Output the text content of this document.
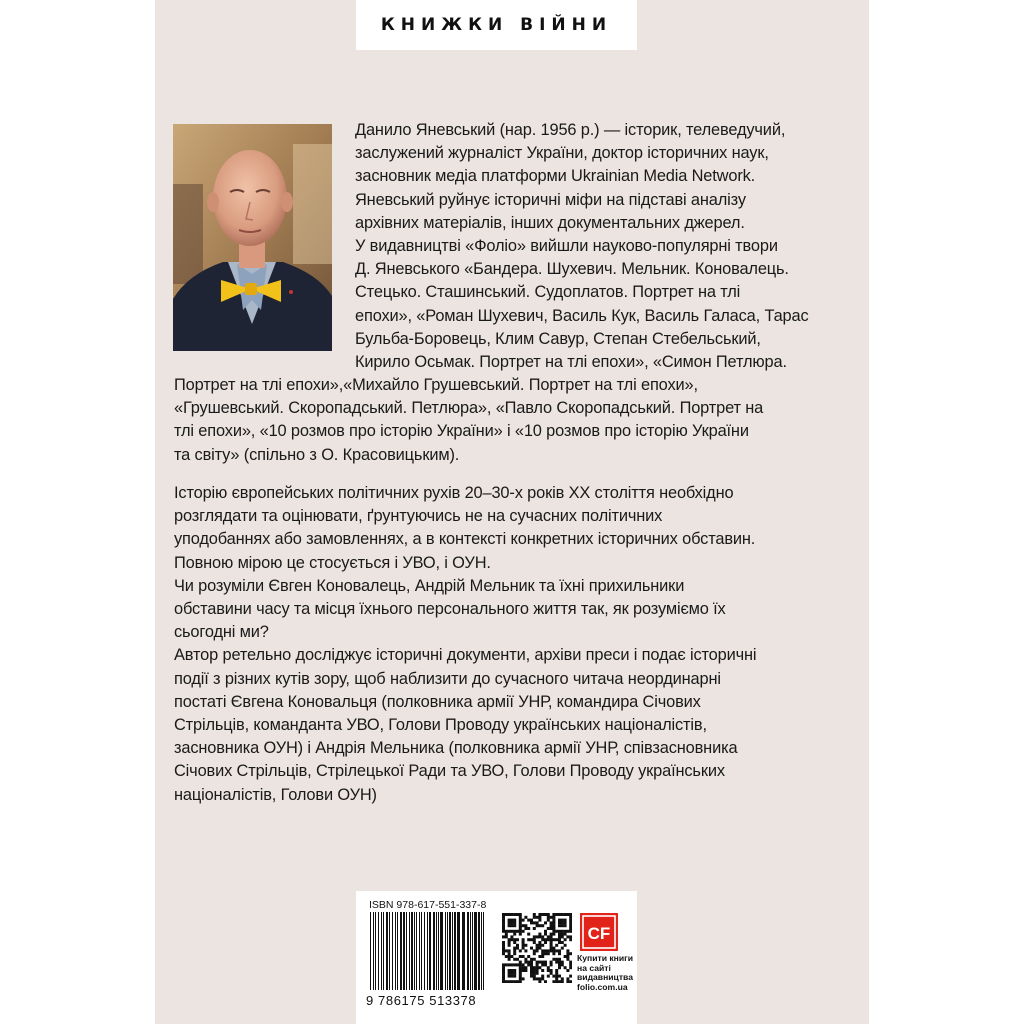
КНИЖКИ ВІЙНИ
Данило Яневський (нар. 1956 р.) — історик, телеведучий,
заслужений журналіст України, доктор історичних наук,
засновник медіа платформи Ukrainian Media Network.
Яневський руйнує історичні міфи на підставі аналізу
архівних матеріалів, інших документальних джерел.
У видавництві «Фоліо» вийшли науково-популярні твори
Д. Яневського «Бандера. Шухевич. Мельник. Коновалець.
Стецько. Сташинський. Судоплатов. Портрет на тлі
епохи», «Роман Шухевич, Василь Кук, Василь Галаса, Тарас
Бульба-Боровець, Клим Савур, Степан Стебельський,
Кирило Осьмак. Портрет на тлі епохи», «Симон Петлюра.
Портрет на тлі епохи»,«Михайло Грушевський. Портрет на тлі епохи»,
«Грушевський. Скоропадський. Петлюра», «Павло Скоропадський. Портрет на
тлі епохи», «10 розмов про історію України» і «10 розмов про історію України
та світу» (спільно з О. Красовицьким).
Історію європейських політичних рухів 20–30-х років ХХ століття необхідно
розглядати та оцінювати, ґрунтуючись не на сучасних політичних
уподобаннях або замовленнях, а в контексті конкретних історичних обставин.
Повною мірою це стосується і УВО, і ОУН.
Чи розуміли Євген Коновалець, Андрій Мельник та їхні прихильники
обставини часу та місця їхнього персонального життя так, як розуміємо їх
сьогодні ми?
Автор ретельно досліджує історичні документи, архіви преси і подає історичні
події з різних кутів зору, щоб наблизити до сучасного читача неординарні
постаті Євгена Коновальця (полковника армії УНР, командира Січових
Стрільців, команданта УВО, Голови Проводу українських націоналістів,
засновника ОУН) і Андрія Мельника (полковника армії УНР, співзасновника
Січових Стрільців, Стрілецької Ради та УВО, Голови Проводу українських
націоналістів, Голови ОУН)
ISBN 978-617-551-337-8
9 786175 513378
CF
Купити книги
на сайті
видавництва
folio.com.ua
